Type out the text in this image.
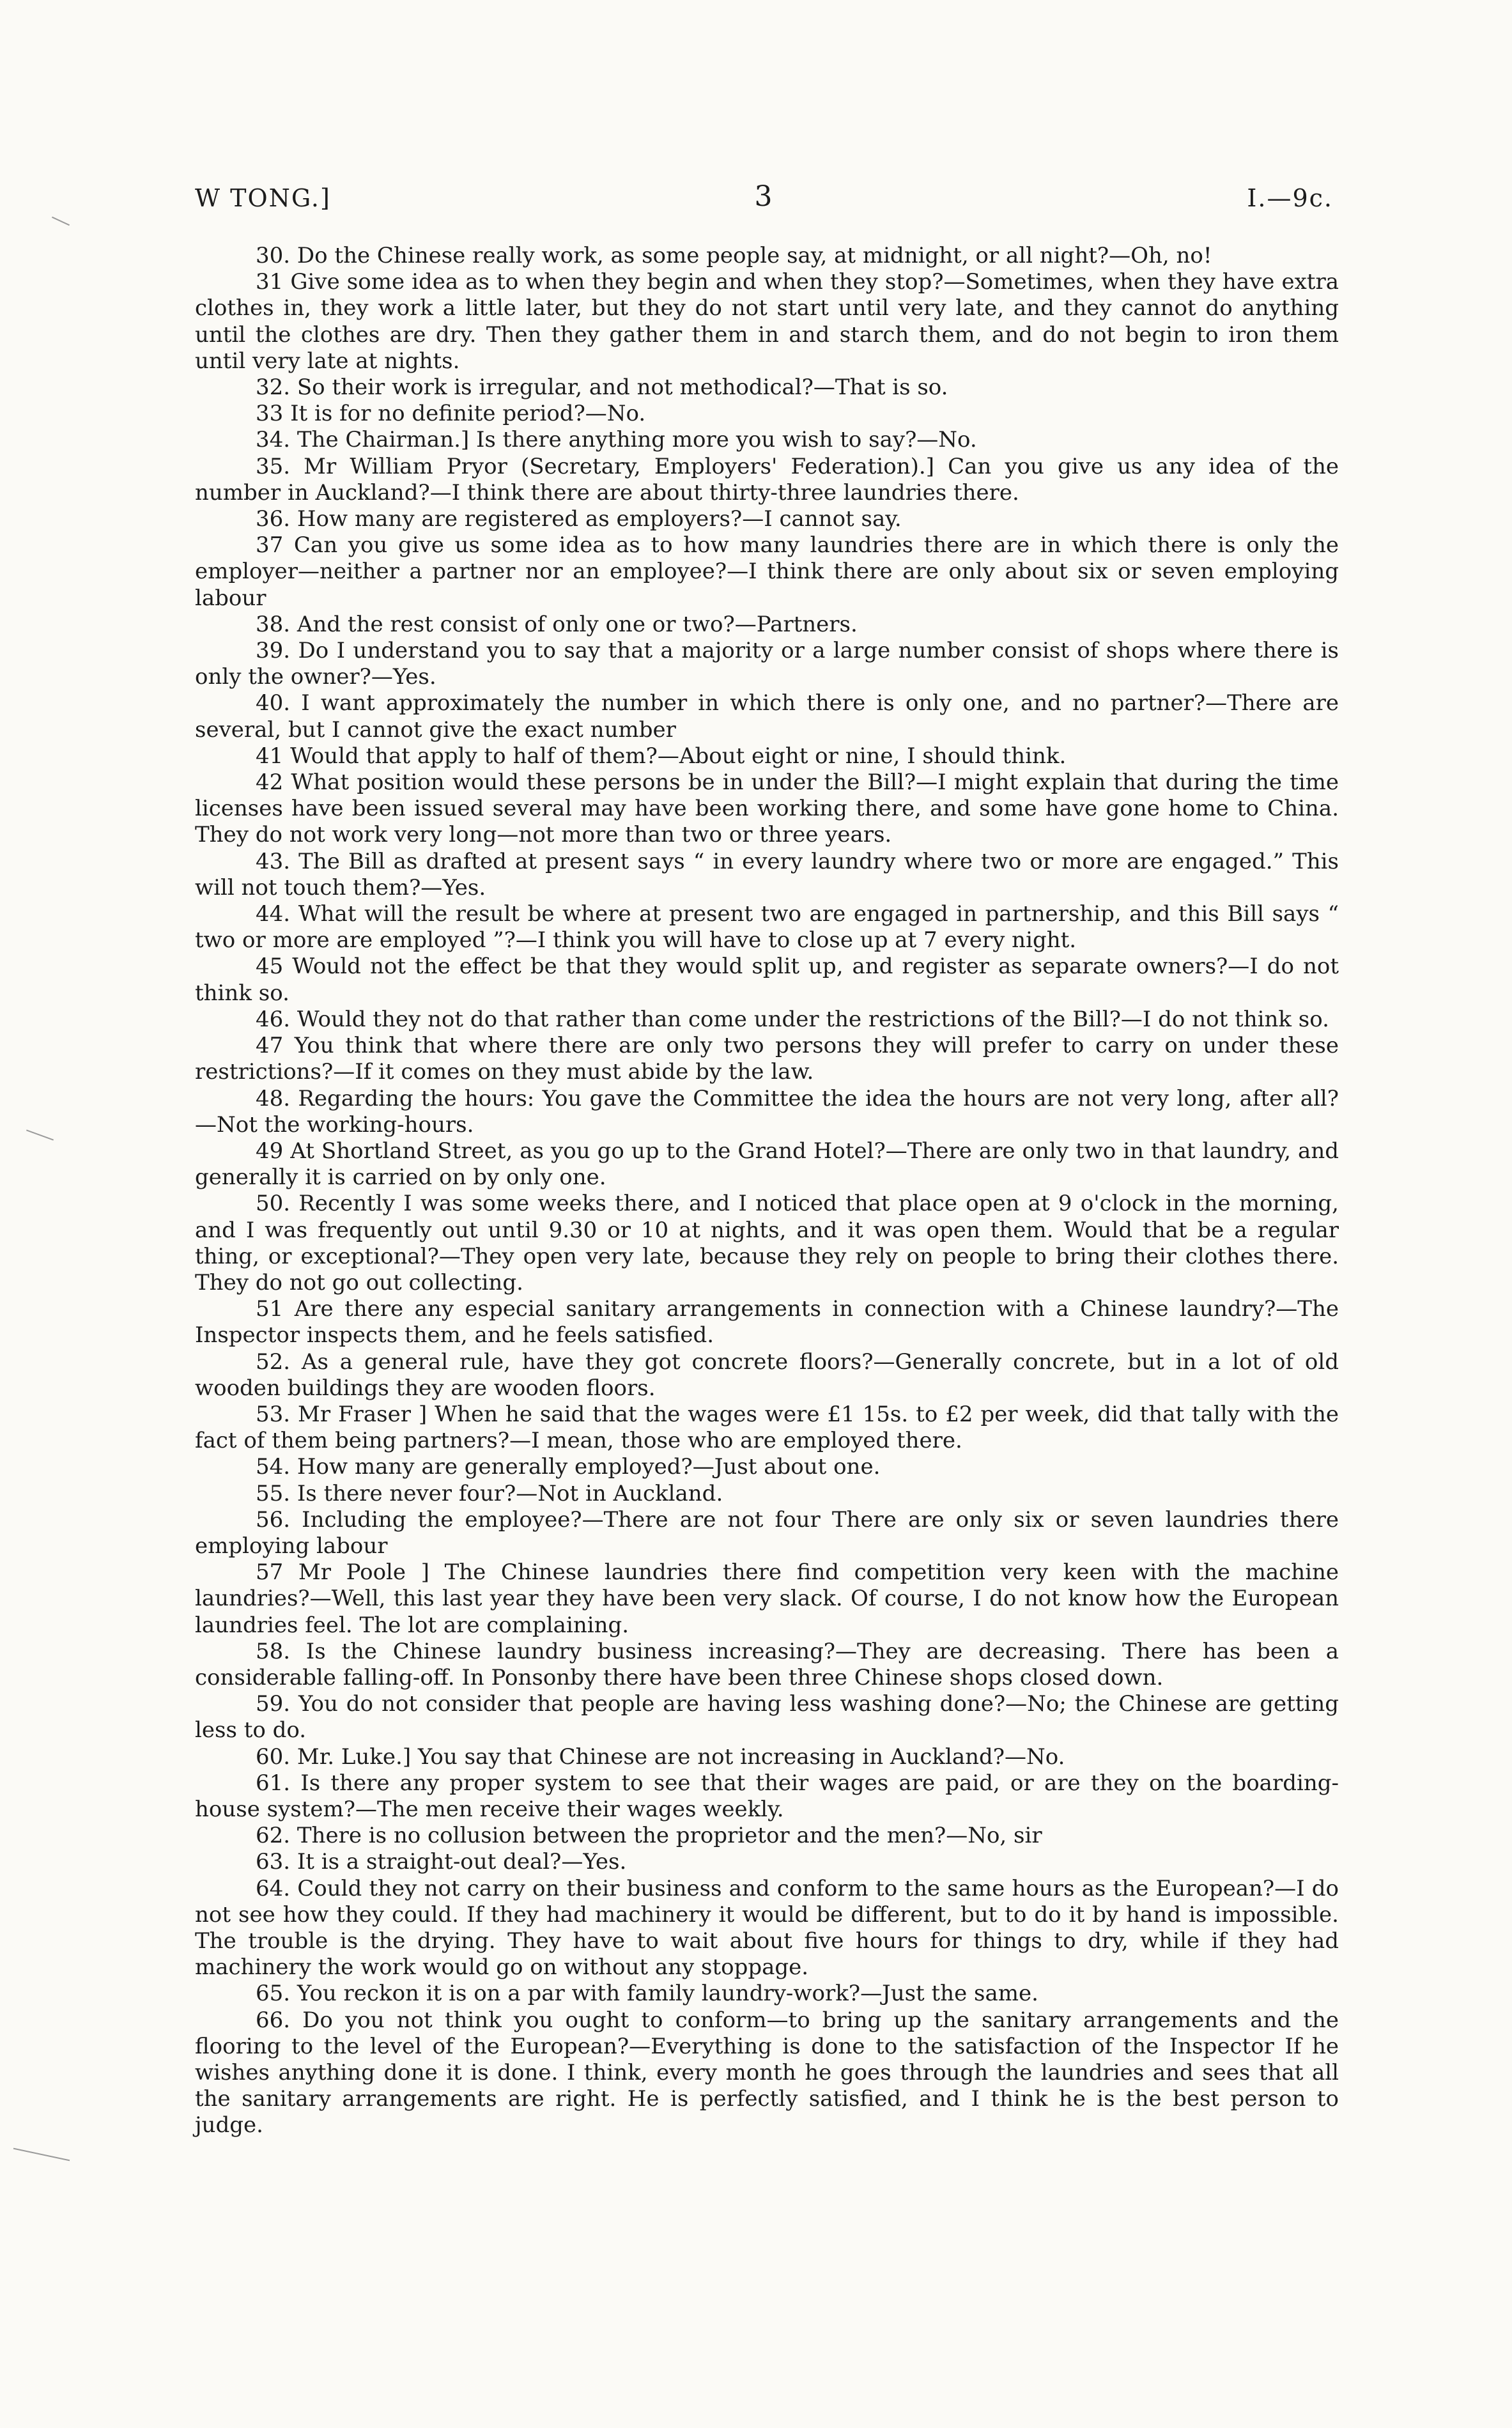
W TONG.]	3	I.—9c.

30. Do the Chinese really work, as some people say, at midnight, or all night?—Oh, no!

31 Give some idea as to when they begin and when they stop?—Sometimes, when they have extra clothes in, they work a little later, but they do not start until very late, and they cannot do anything until the clothes are dry. Then they gather them in and starch them, and do not begin to iron them until very late at nights.

32. So their work is irregular, and not methodical?—That is so.

33 It is for no definite period?—No.

34. The Chairman.] Is there anything more you wish to say?—No.

35. Mr William Pryor (Secretary, Employers' Federation).] Can you give us any idea of the number in Auckland?—I think there are about thirty-three laundries there.

36. How many are registered as employers?—I cannot say.

37 Can you give us some idea as to how many laundries there are in which there is only the employer—neither a partner nor an employee?—I think there are only about six or seven employing labour

38. And the rest consist of only one or two?—Partners.

39. Do I understand you to say that a majority or a large number consist of shops where there is only the owner?—Yes.

40. I want approximately the number in which there is only one, and no partner?—There are several, but I cannot give the exact number

41 Would that apply to half of them?—About eight or nine, I should think.

42 What position would these persons be in under the Bill?—I might explain that during the time licenses have been issued several may have been working there, and some have gone home to China. They do not work very long—not more than two or three years.

43. The Bill as drafted at present says “ in every laundry where two or more are engaged.” This will not touch them?—Yes.

44. What will the result be where at present two are engaged in partnership, and this Bill says “ two or more are employed ”?—I think you will have to close up at 7 every night.

45 Would not the effect be that they would split up, and register as separate owners?—I do not think so.

46. Would they not do that rather than come under the restrictions of the Bill?—I do not think so.

47 You think that where there are only two persons they will prefer to carry on under these restrictions?—If it comes on they must abide by the law.

48. Regarding the hours: You gave the Committee the idea the hours are not very long, after all?—Not the working-hours.

49 At Shortland Street, as you go up to the Grand Hotel?—There are only two in that laundry, and generally it is carried on by only one.

50. Recently I was some weeks there, and I noticed that place open at 9 o'clock in the morning, and I was frequently out until 9.30 or 10 at nights, and it was open them. Would that be a regular thing, or exceptional?—They open very late, because they rely on people to bring their clothes there. They do not go out collecting.

51 Are there any especial sanitary arrangements in connection with a Chinese laundry?—The Inspector inspects them, and he feels satisfied.

52. As a general rule, have they got concrete floors?—Generally concrete, but in a lot of old wooden buildings they are wooden floors.

53. Mr Fraser ] When he said that the wages were £1 15s. to £2 per week, did that tally with the fact of them being partners?—I mean, those who are employed there.

54. How many are generally employed?—Just about one.

55. Is there never four?—Not in Auckland.

56. Including the employee?—There are not four There are only six or seven laundries there employing labour

57 Mr Poole ] The Chinese laundries there find competition very keen with the machine laundries?—Well, this last year they have been very slack. Of course, I do not know how the European laundries feel. The lot are complaining.

58. Is the Chinese laundry business increasing?—They are decreasing. There has been a considerable falling-off. In Ponsonby there have been three Chinese shops closed down.

59. You do not consider that people are having less washing done?—No; the Chinese are getting less to do.

60. Mr. Luke.] You say that Chinese are not increasing in Auckland?—No.

61. Is there any proper system to see that their wages are paid, or are they on the boarding-house system?—The men receive their wages weekly.

62. There is no collusion between the proprietor and the men?—No, sir

63. It is a straight-out deal?—Yes.

64. Could they not carry on their business and conform to the same hours as the European?—I do not see how they could. If they had machinery it would be different, but to do it by hand is impossible. The trouble is the drying. They have to wait about five hours for things to dry, while if they had machinery the work would go on without any stoppage.

65. You reckon it is on a par with family laundry-work?—Just the same.

66. Do you not think you ought to conform—to bring up the sanitary arrangements and the flooring to the level of the European?—Everything is done to the satisfaction of the Inspector If he wishes anything done it is done. I think, every month he goes through the laundries and sees that all the sanitary arrangements are right. He is perfectly satisfied, and I think he is the best person to judge.
